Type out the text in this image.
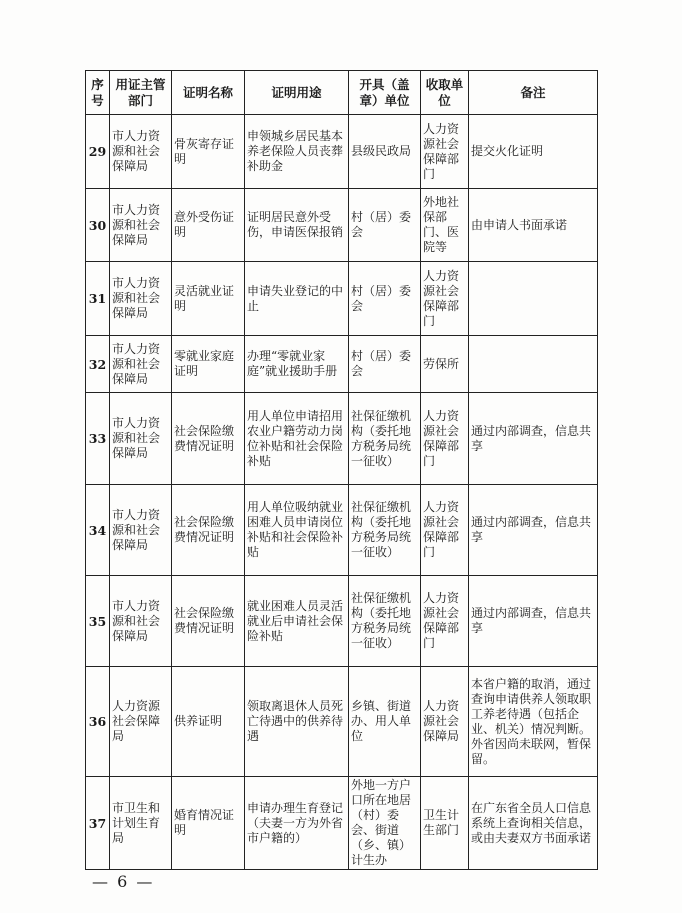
序号	用证主管部门	证明名称	证明用途	开具（盖章）单位	收取单位	备注
29	市人力资源和社会保障局	骨灰寄存证明	申领城乡居民基本养老保险人员丧葬补助金	县级民政局	人力资源社会保障部门	提交火化证明
30	市人力资源和社会保障局	意外受伤证明	证明居民意外受伤，申请医保报销	村（居）委会	外地社保部门、医院等	由申请人书面承诺
31	市人力资源和社会保障局	灵活就业证明	申请失业登记的中止	村（居）委会	人力资源社会保障部门	
32	市人力资源和社会保障局	零就业家庭证明	办理“零就业家庭”就业援助手册	村（居）委会	劳保所	
33	市人力资源和社会保障局	社会保险缴费情况证明	用人单位申请招用农业户籍劳动力岗位补贴和社会保险补贴	社保征缴机构（委托地方税务局统一征收）	人力资源社会保障部门	通过内部调查，信息共享
34	市人力资源和社会保障局	社会保险缴费情况证明	用人单位吸纳就业困难人员申请岗位补贴和社会保险补贴	社保征缴机构（委托地方税务局统一征收）	人力资源社会保障部门	通过内部调查，信息共享
35	市人力资源和社会保障局	社会保险缴费情况证明	就业困难人员灵活就业后申请社会保险补贴	社保征缴机构（委托地方税务局统一征收）	人力资源社会保障部门	通过内部调查，信息共享
36	人力资源社会保障局	供养证明	领取离退休人员死亡待遇中的供养待遇	乡镇、街道办、用人单位	人力资源社会保障局	本省户籍的取消，通过查询申请供养人领取职工养老待遇（包括企业、机关）情况判断。外省因尚未联网，暂保留。
37	市卫生和计划生育局	婚育情况证明	申请办理生育登记（夫妻一方为外省市户籍的）	外地一方户口所在地居（村）委会、街道（乡、镇）计生办	卫生计生部门	在广东省全员人口信息系统上查询相关信息，或由夫妻双方书面承诺
— 6 —
